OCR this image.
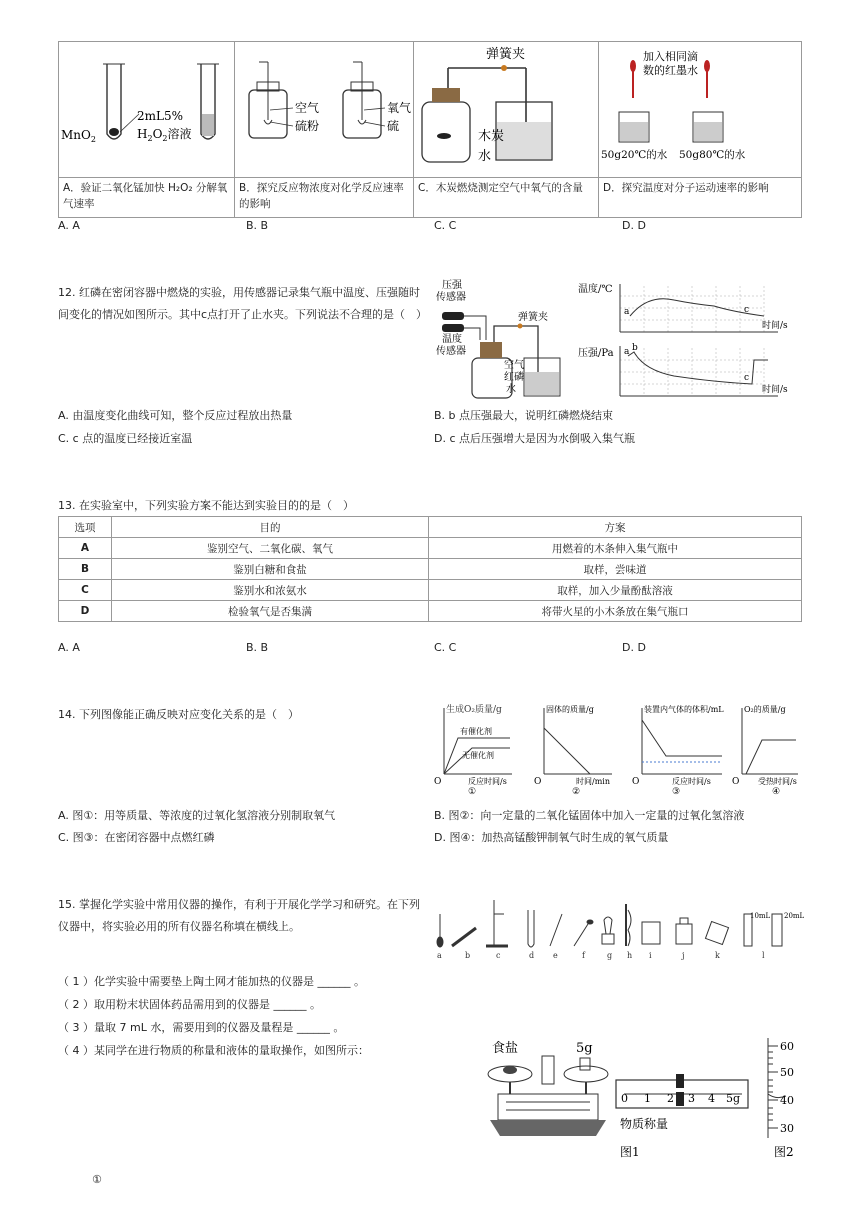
MnO$_2$
2mL5%
$H_2O_2$溶液	空气
硫粉
氧气
硫	弹簧夹
木炭
水	加入相同滴
数的红墨水
50g20℃的水 50g80℃的水

A．验证二氧化锰加快 H₂O₂ 分解氧气速率	B．探究反应物浓度对化学反应速率的影响	C．木炭燃烧测定空气中氧气的含量	D．探究温度对分子运动速率的影响
A. A	B. B	C. C	D. D
12. 红磷在密闭容器中燃烧的实验，用传感器记录集气瓶中温度、压强随时间变化的情况如图所示。其中c点打开了止水夹。下列说法不合理的是（　）
压强
传感器
温度
传感器
弹簧夹
空气
红磷
水
温度/℃
a	c
时间/s
压强/Pa a b
c
时间/s
A. 由温度变化曲线可知，整个反应过程放出热量	B. b 点压强最大，说明红磷燃烧结束
C. c 点的温度已经接近室温	D. c 点后压强增大是因为水倒吸入集气瓶
13. 在实验室中，下列实验方案不能达到实验目的的是（　）
选项	目的	方案
A	鉴别空气、二氧化碳、氧气	用燃着的木条伸入集气瓶中
B	鉴别白糖和食盐	取样，尝味道
C	鉴别水和浓氨水	取样，加入少量酚酞溶液
D	检验氧气是否集满	将带火星的小木条放在集气瓶口
A. A	B. B	C. C	D. D
14. 下列图像能正确反映对应变化关系的是（　）	生成O₂质量/g
有催化剂
无催化剂
O	反应时间/s
①
固体的质量/g
O	时间/min
②
装置内气体的体积/mL
O	反应时间/s
③
O₂的质量/g
O 受热时间/s
④
A. 图①：用等质量、等浓度的过氧化氢溶液分别制取氧气	B. 图②：向一定量的二氧化锰固体中加入一定量的过氧化氢溶液
C. 图③：在密闭容器中点燃红磷	D. 图④：加热高锰酸钾制氧气时生成的氧气质量
15. 掌握化学实验中常用仪器的操作，有利于开展化学学习和研究。在下列仪器中，将实验必用的所有仪器名称填在横线上。
10mL 20mL
a	b	c	d e	f	g h i	j	k	l
（ 1 ）化学实验中需要垫上陶土网才能加热的仪器是 ______ 。
（ 2 ）取用粉末状固体药品需用到的仪器是 ______ 。
（ 3 ）量取 7 mL 水，需要用到的仪器及量程是 ______ 。
（ 4 ）某同学在进行物质的称量和液体的量取操作，如图所示：	食盐	5g
0 1 2 3 4 5g
物质称量
图1
60
50
40
30
图2
①
